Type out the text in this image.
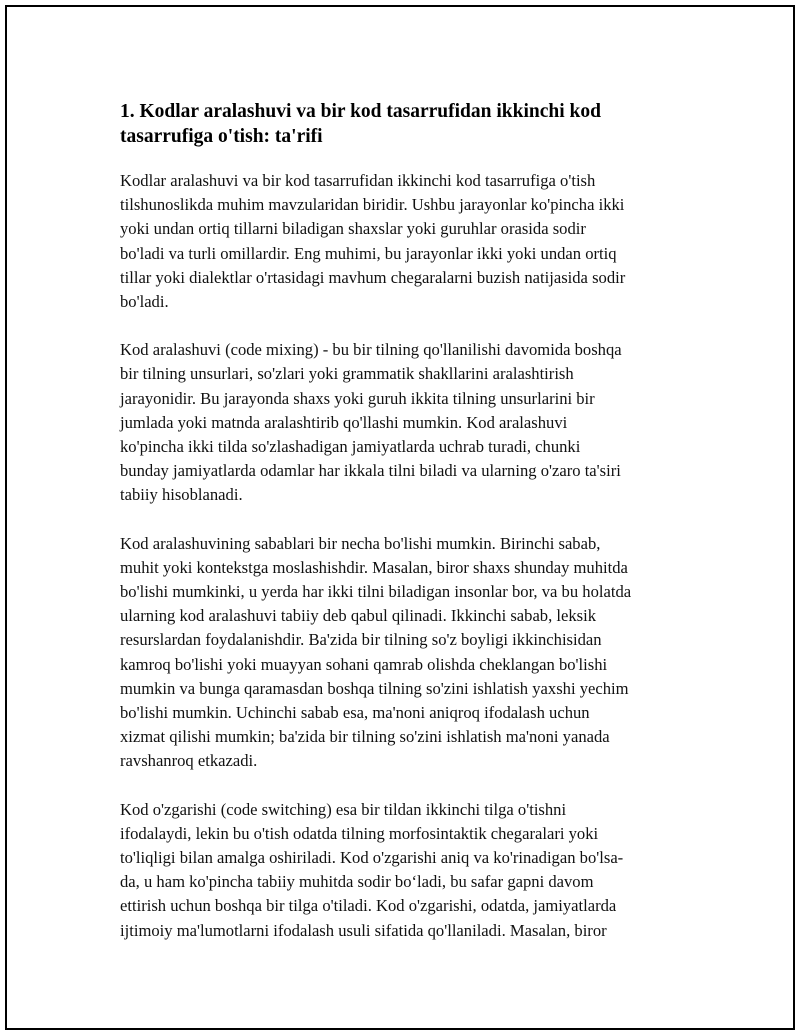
1. Kodlar aralashuvi va bir kod tasarrufidan ikkinchi kod
tasarrufiga o'tish: ta'rifi
Kodlar aralashuvi va bir kod tasarrufidan ikkinchi kod tasarrufiga o'tish
tilshunoslikda muhim mavzularidan biridir. Ushbu jarayonlar ko'pincha ikki
yoki undan ortiq tillarni biladigan shaxslar yoki guruhlar orasida sodir
bo'ladi va turli omillardir. Eng muhimi, bu jarayonlar ikki yoki undan ortiq
tillar yoki dialektlar o'rtasidagi mavhum chegaralarni buzish natijasida sodir
bo'ladi.
Kod aralashuvi (code mixing) - bu bir tilning qo'llanilishi davomida boshqa
bir tilning unsurlari, so'zlari yoki grammatik shakllarini aralashtirish
jarayonidir. Bu jarayonda shaxs yoki guruh ikkita tilning unsurlarini bir
jumlada yoki matnda aralashtirib qo'llashi mumkin. Kod aralashuvi
ko'pincha ikki tilda so'zlashadigan jamiyatlarda uchrab turadi, chunki
bunday jamiyatlarda odamlar har ikkala tilni biladi va ularning o'zaro ta'siri
tabiiy hisoblanadi.
Kod aralashuvining sabablari bir necha bo'lishi mumkin. Birinchi sabab,
muhit yoki kontekstga moslashishdir. Masalan, biror shaxs shunday muhitda
bo'lishi mumkinki, u yerda har ikki tilni biladigan insonlar bor, va bu holatda
ularning kod aralashuvi tabiiy deb qabul qilinadi. Ikkinchi sabab, leksik
resurslardan foydalanishdir. Ba'zida bir tilning so'z boyligi ikkinchisidan
kamroq bo'lishi yoki muayyan sohani qamrab olishda cheklangan bo'lishi
mumkin va bunga qaramasdan boshqa tilning so'zini ishlatish yaxshi yechim
bo'lishi mumkin. Uchinchi sabab esa, ma'noni aniqroq ifodalash uchun
xizmat qilishi mumkin; ba'zida bir tilning so'zini ishlatish ma'noni yanada
ravshanroq etkazadi.
Kod o'zgarishi (code switching) esa bir tildan ikkinchi tilga o'tishni
ifodalaydi, lekin bu o'tish odatda tilning morfosintaktik chegaralari yoki
to'liqligi bilan amalga oshiriladi. Kod o'zgarishi aniq va ko'rinadigan bo'lsa-
da, u ham ko'pincha tabiiy muhitda sodir bo‘ladi, bu safar gapni davom
ettirish uchun boshqa bir tilga o'tiladi. Kod o'zgarishi, odatda, jamiyatlarda
ijtimoiy ma'lumotlarni ifodalash usuli sifatida qo'llaniladi. Masalan, biror
